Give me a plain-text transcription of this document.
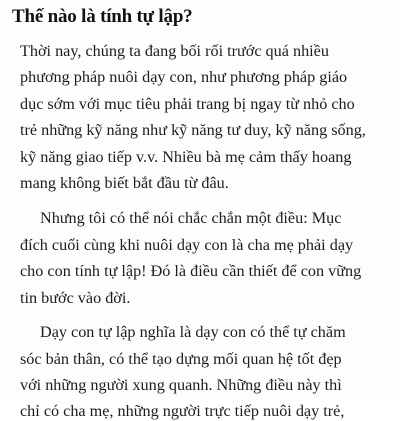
Thế nào là tính tự lập?
Thời nay, chúng ta đang bối rối trước quá nhiều
phương pháp nuôi dạy con, như phương pháp giáo
dục sớm với mục tiêu phải trang bị ngay từ nhỏ cho
trẻ những kỹ năng như kỹ năng tư duy, kỹ năng sống,
kỹ năng giao tiếp v.v. Nhiều bà mẹ cảm thấy hoang
mang không biết bắt đầu từ đâu.
Nhưng tôi có thể nói chắc chắn một điều: Mục
đích cuối cùng khi nuôi dạy con là cha mẹ phải dạy
cho con tính tự lập! Đó là điều cần thiết để con vững
tin bước vào đời.
Dạy con tự lập nghĩa là dạy con có thể tự chăm
sóc bản thân, có thể tạo dựng mối quan hệ tốt đẹp
với những người xung quanh. Những điều này thì
chỉ có cha mẹ, những người trực tiếp nuôi dạy trẻ,
